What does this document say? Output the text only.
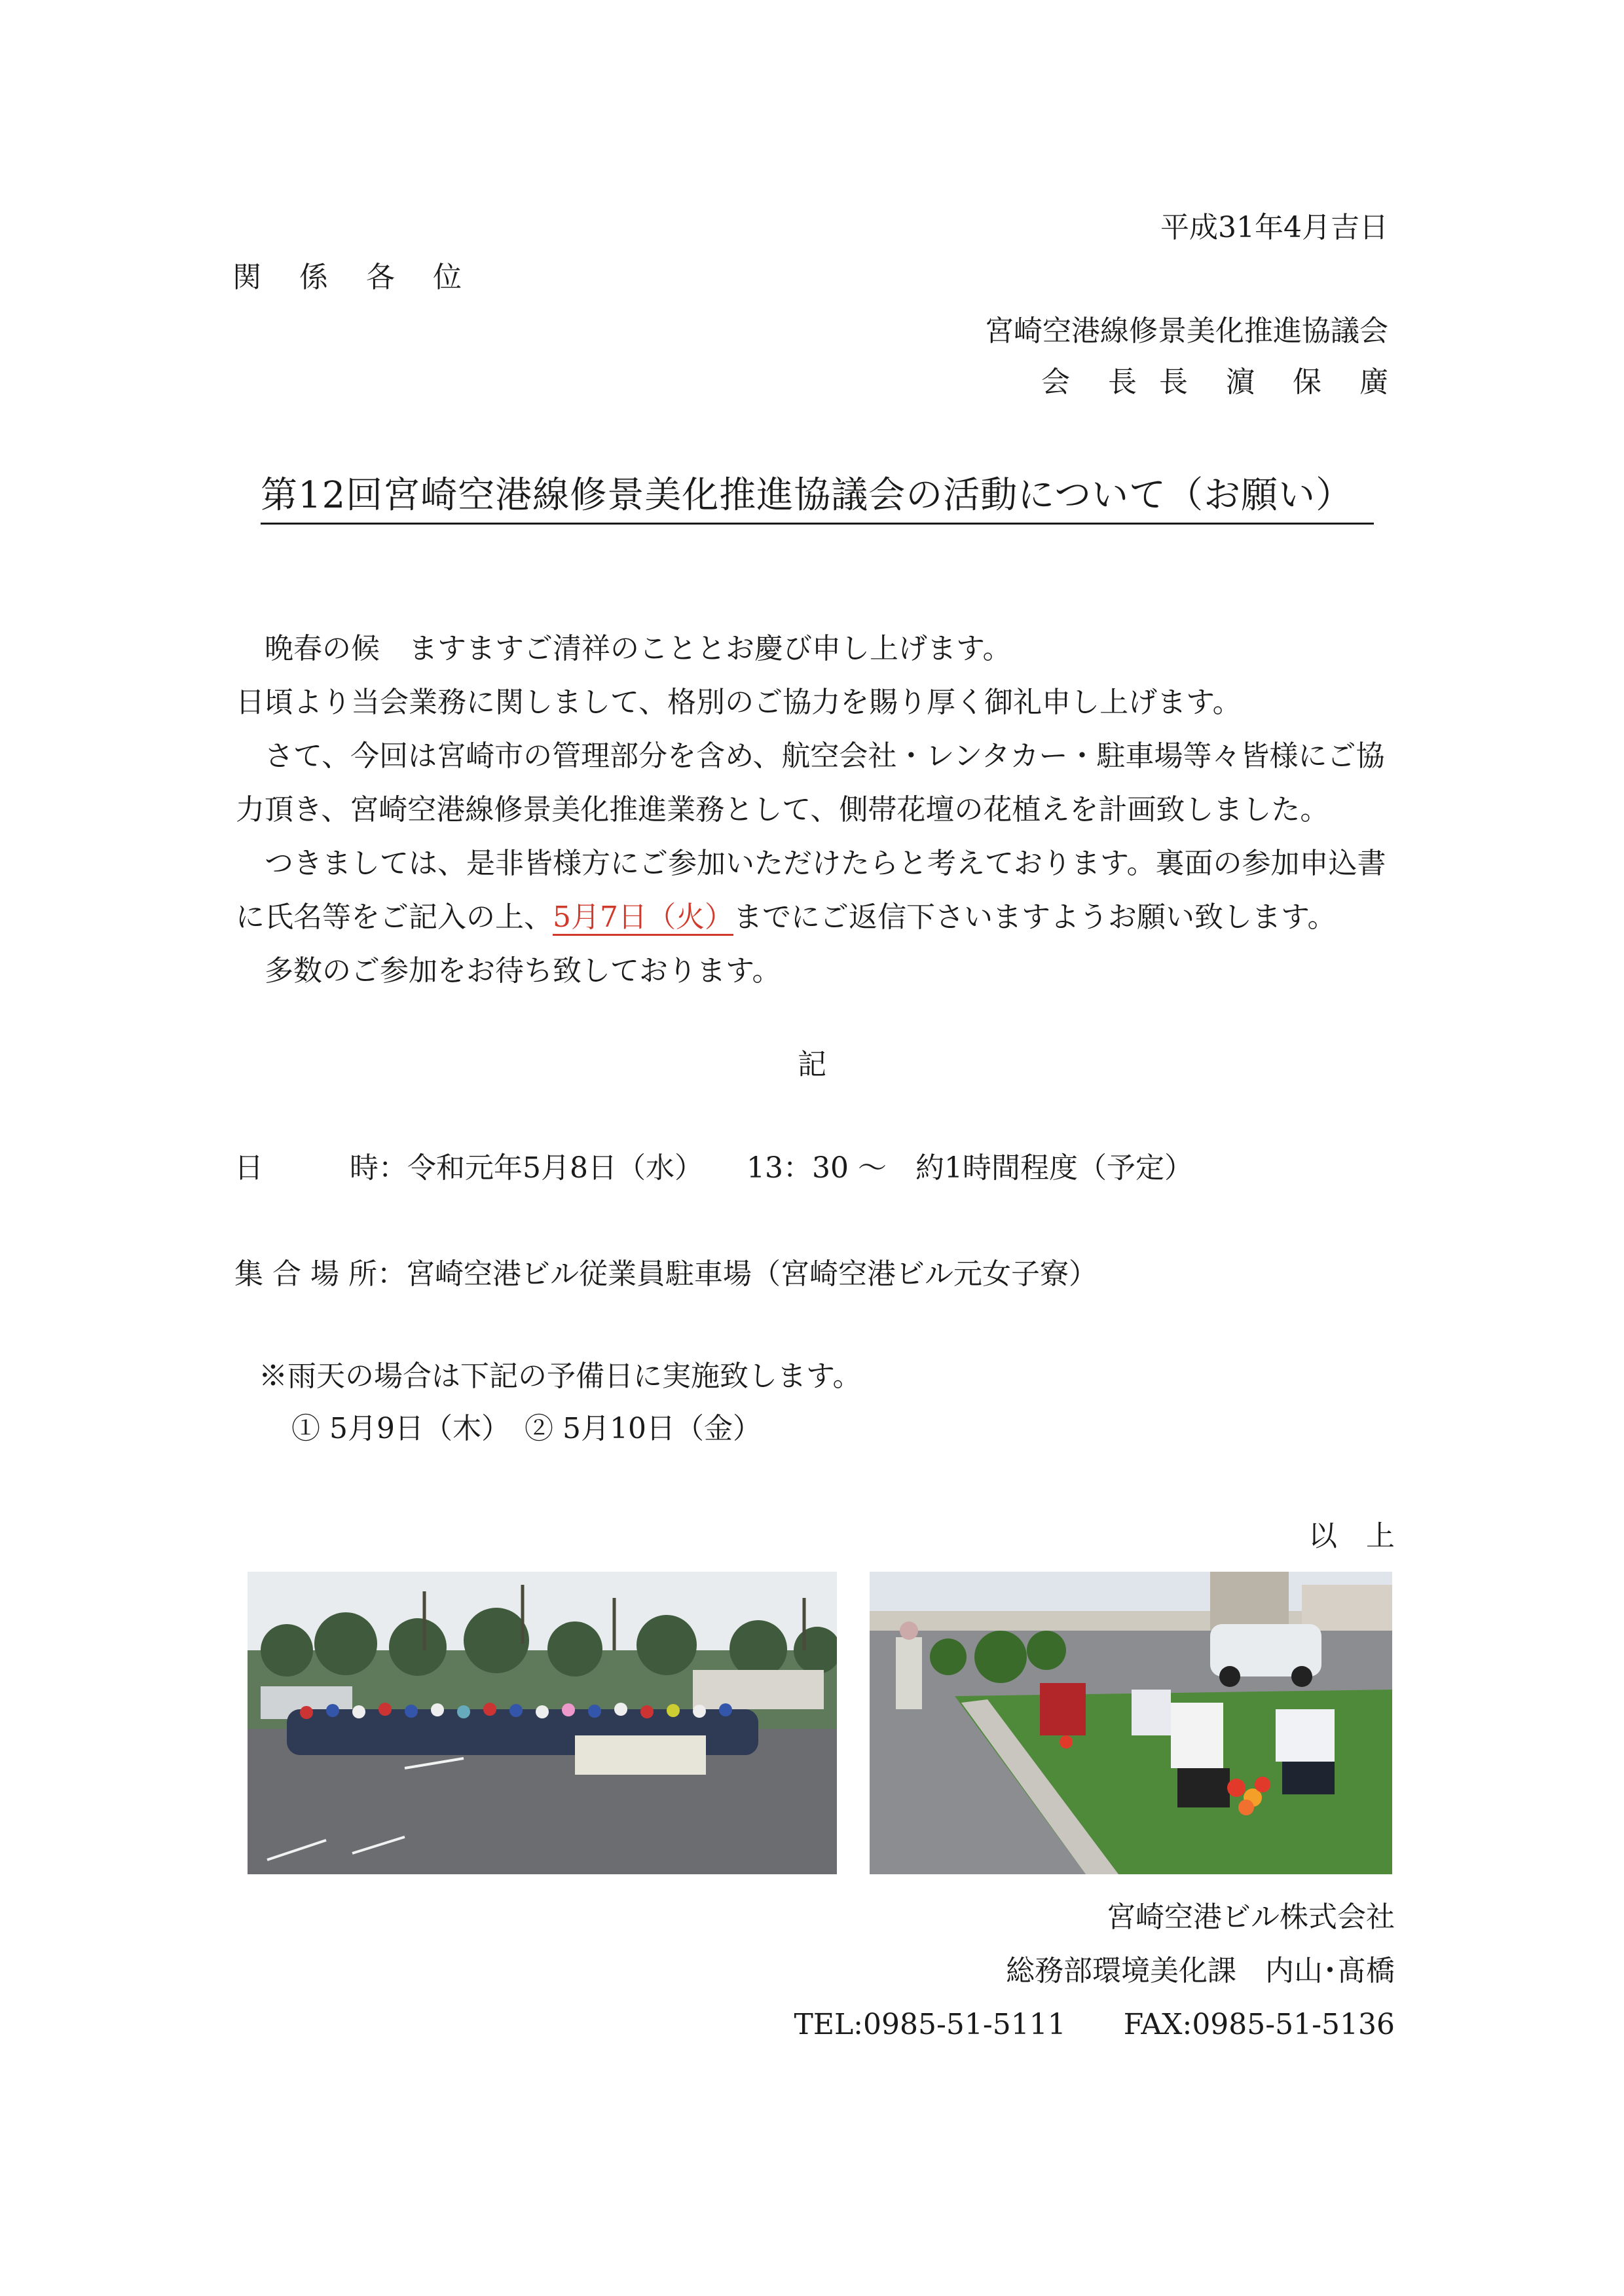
平成31年4月吉日
関 係 各 位
宮崎空港線修景美化推進協議会
会 長 長 濵 保 廣
第12回宮崎空港線修景美化推進協議会の活動について（お願い）

晩春の候　ますますご清祥のこととお慶び申し上げます。

日頃より当会業務に関しまして、格別のご協力を賜り厚く御礼申し上げます。

さて、今回は宮崎市の管理部分を含め、航空会社・レンタカー・駐車場等々皆様にご協

力頂き、宮崎空港線修景美化推進業務として、側帯花壇の花植えを計画致しました。

つきましては、是非皆様方にご参加いただけたらと考えております。裏面の参加申込書

に氏名等をご記入の上、5月7日（火）までにご返信下さいますようお願い致します。

多数のご参加をお待ち致しております。

記
日　　　時：令和元年5月8日（水）　　13：30 ～　約1時間程度（予定）
集 合 場 所：宮崎空港ビル従業員駐車場（宮崎空港ビル元女子寮）
※雨天の場合は下記の予備日に実施致します。
① 5月9日（木）　② 5月10日（金）
以　上
宮崎空港ビル株式会社
総務部環境美化課　内山･髙橋
TEL:0985-51-5111　　 FAX:0985-51-5136
